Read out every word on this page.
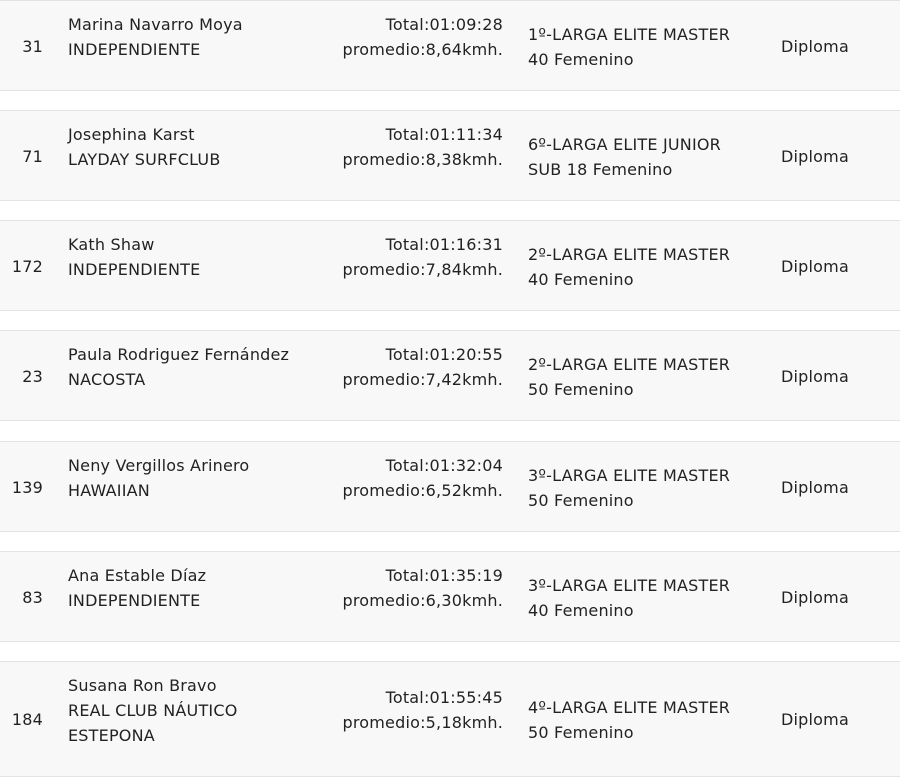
31
Marina Navarro Moya
INDEPENDIENTE
Total:01:09:28
promedio:8,64kmh.
1º-LARGA ELITE MASTER
40 Femenino
Diploma
71
Josephina Karst
LAYDAY SURFCLUB
Total:01:11:34
promedio:8,38kmh.
6º-LARGA ELITE JUNIOR
SUB 18 Femenino
Diploma
172
Kath Shaw
INDEPENDIENTE
Total:01:16:31
promedio:7,84kmh.
2º-LARGA ELITE MASTER
40 Femenino
Diploma
23
Paula Rodriguez Fernández
NACOSTA
Total:01:20:55
promedio:7,42kmh.
2º-LARGA ELITE MASTER
50 Femenino
Diploma
139
Neny Vergillos Arinero
HAWAIIAN
Total:01:32:04
promedio:6,52kmh.
3º-LARGA ELITE MASTER
50 Femenino
Diploma
83
Ana Estable Díaz
INDEPENDIENTE
Total:01:35:19
promedio:6,30kmh.
3º-LARGA ELITE MASTER
40 Femenino
Diploma
184
Susana Ron Bravo
REAL CLUB NÁUTICO
ESTEPONA
Total:01:55:45
promedio:5,18kmh.
4º-LARGA ELITE MASTER
50 Femenino
Diploma
